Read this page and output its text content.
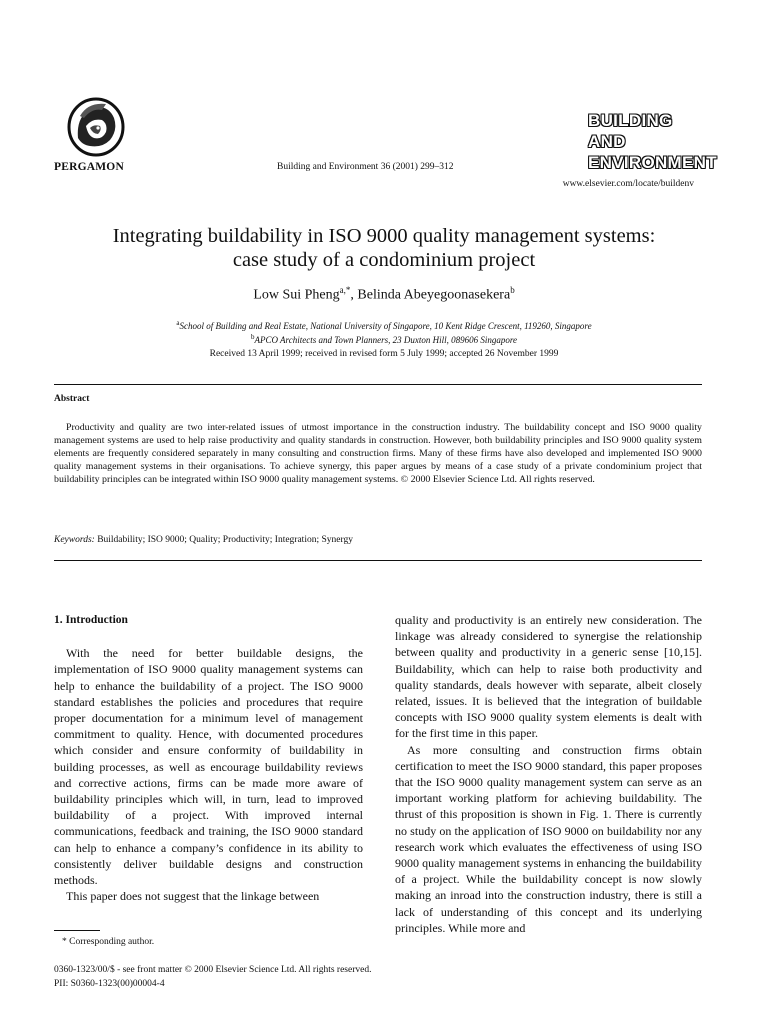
PERGAMON	Building and Environment 36 (2001) 299–312
BUILDING AND
ENVIRONMENT
www.elsevier.com/locate/buildenv
Integrating buildability in ISO 9000 quality management systems:
case study of a condominium project
Low Sui Pheng$^{a,*}$, Belinda Abeyegoonasekera$^b$
$^a$School of Building and Real Estate, National University of Singapore, 10 Kent Ridge Crescent, 119260, Singapore
$^b$APCO Architects and Town Planners, 23 Duxton Hill, 089606 Singapore
Received 13 April 1999; received in revised form 5 July 1999; accepted 26 November 1999
Abstract
Productivity and quality are two inter-related issues of utmost importance in the construction industry. The buildability concept and ISO 9000 quality management systems are used to help raise productivity and quality standards in construction. However, both buildability principles and ISO 9000 quality system elements are frequently considered separately in many consulting and construction firms. Many of these firms have also developed and implemented ISO 9000 quality management systems in their organisations. To achieve synergy, this paper argues by means of a case study of a private condominium project that buildability principles can be integrated within ISO 9000 quality management systems. © 2000 Elsevier Science Ltd. All rights reserved.
Keywords: Buildability; ISO 9000; Quality; Productivity; Integration; Synergy
1. Introduction

With the need for better buildable designs, the implementation of ISO 9000 quality management systems can help to enhance the buildability of a project. The ISO 9000 standard establishes the policies and procedures that require proper documentation for a minimum level of management commitment to quality. Hence, with documented procedures which consider and ensure conformity of buildability in building processes, as well as encourage buildability reviews and corrective actions, firms can be made more aware of buildability principles which will, in turn, lead to improved buildability of a project. With improved internal communications, feedback and training, the ISO 9000 standard can help to enhance a company’s confidence in its ability to consistently deliver buildable designs and construction methods.

This paper does not suggest that the linkage between

quality and productivity is an entirely new consideration. The linkage was already considered to synergise the relationship between quality and productivity in a generic sense [10,15]. Buildability, which can help to raise both productivity and quality standards, deals however with separate, albeit closely related, issues. It is believed that the integration of buildable concepts with ISO 9000 quality system elements is dealt with for the first time in this paper.

As more consulting and construction firms obtain certification to meet the ISO 9000 standard, this paper proposes that the ISO 9000 quality management system can serve as an important working platform for achieving buildability. The thrust of this proposition is shown in Fig. 1. There is currently no study on the application of ISO 9000 on buildability nor any research work which evaluates the effectiveness of using ISO 9000 quality management systems in enhancing the buildability of a project. While the buildability concept is now slowly making an inroad into the construction industry, there is still a lack of understanding of this concept and its underlying principles. While more and

* Corresponding author.
0360-1323/00/$ - see front matter © 2000 Elsevier Science Ltd. All rights reserved.
PII: S0360-1323(00)00004-4
